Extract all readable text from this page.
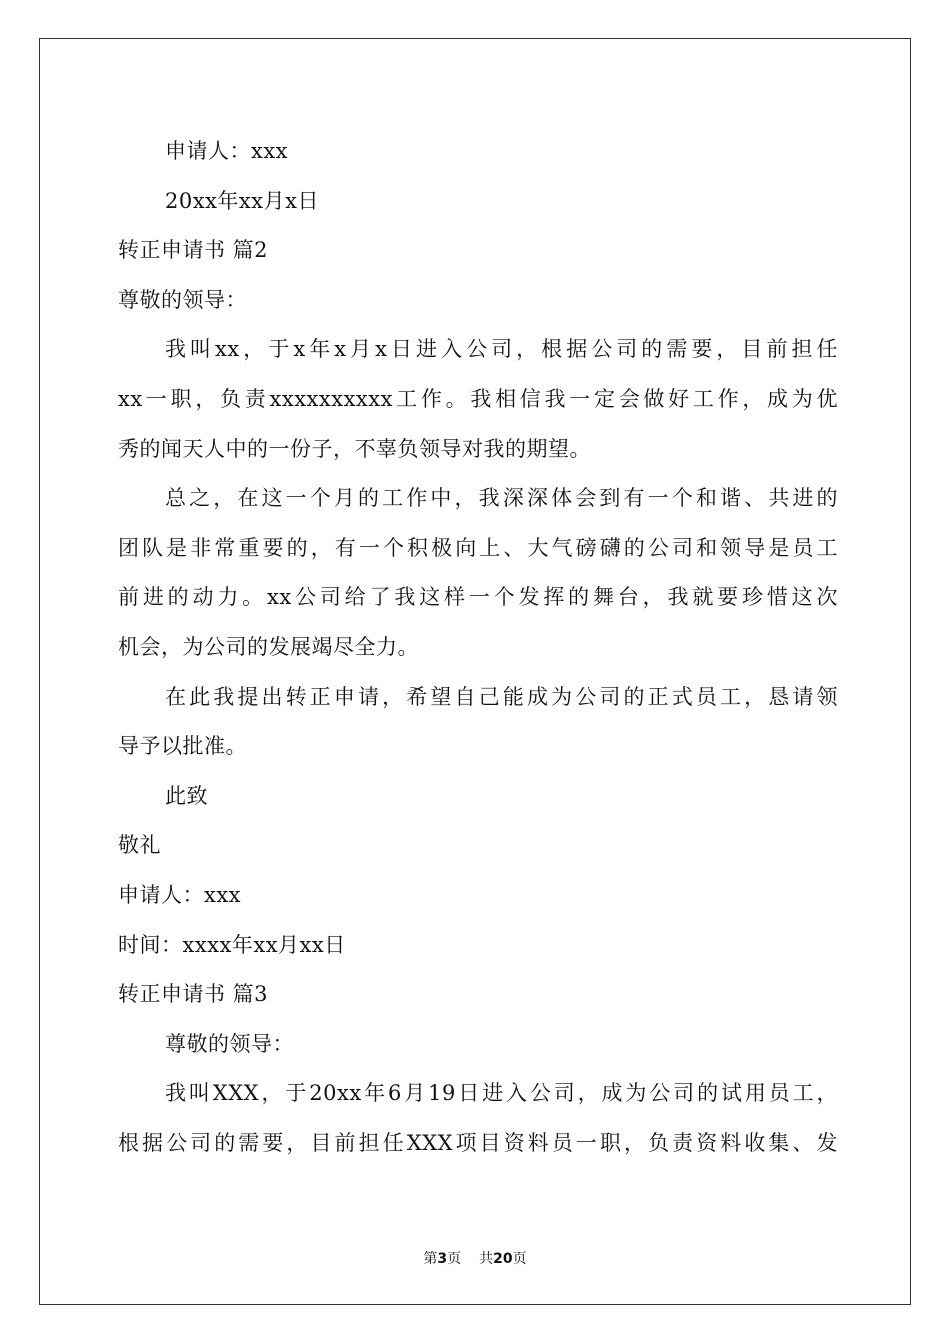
申请人：xxx
20xx年xx月x日
转正申请书 篇2
尊敬的领导：
我叫xx，于x年x月x日进入公司，根据公司的需要，目前担任
xx一职，负责xxxxxxxxxx工作。我相信我一定会做好工作，成为优
秀的闻天人中的一份子，不辜负领导对我的期望。
总之，在这一个月的工作中，我深深体会到有一个和谐、共进的
团队是非常重要的，有一个积极向上、大气磅礴的公司和领导是员工
前进的动力。xx公司给了我这样一个发挥的舞台，我就要珍惜这次
机会，为公司的发展竭尽全力。
在此我提出转正申请，希望自己能成为公司的正式员工，恳请领
导予以批准。
此致
敬礼
申请人：xxx
时间：xxxx年xx月xx日
转正申请书 篇3
尊敬的领导：
我叫XXX，于20xx年6月19日进入公司，成为公司的试用员工，
根据公司的需要，目前担任XXX项目资料员一职，负责资料收集、发
第3页 共20页
